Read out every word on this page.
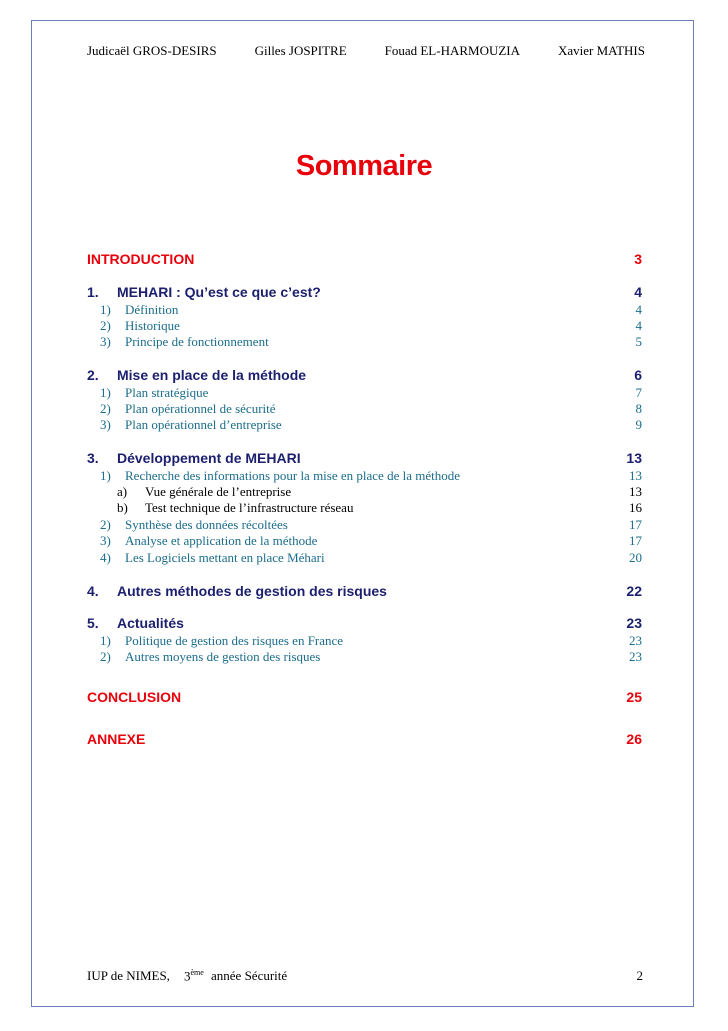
Judicaël GROS-DESIRS	Gilles JOSPITRE	Fouad EL-HARMOUZIA	Xavier MATHIS
Sommaire
INTRODUCTION	3
1.	MEHARI : Qu’est ce que c’est?	4
1)	Définition	4
2)	Historique	4
3)	Principe de fonctionnement	5
2.	Mise en place de la méthode	6
1)	Plan stratégique	7
2)	Plan opérationnel de sécurité	8
3)	Plan opérationnel d’entreprise	9
3.	Développement de MEHARI	13
1)	Recherche des informations pour la mise en place de la méthode	13
a)	Vue générale de l’entreprise	13
b)	Test technique de l’infrastructure réseau	16
2)	Synthèse des données récoltées	17
3)	Analyse et application de la méthode	17
4)	Les Logiciels mettant en place Méhari	20
4.	Autres méthodes de gestion des risques	22
5.	Actualités	23
1)	Politique de gestion des risques en France	23
2)	Autres moyens de gestion des risques	23
CONCLUSION	25
ANNEXE	26
IUP de NIMES, 3ème année Sécurité	2
